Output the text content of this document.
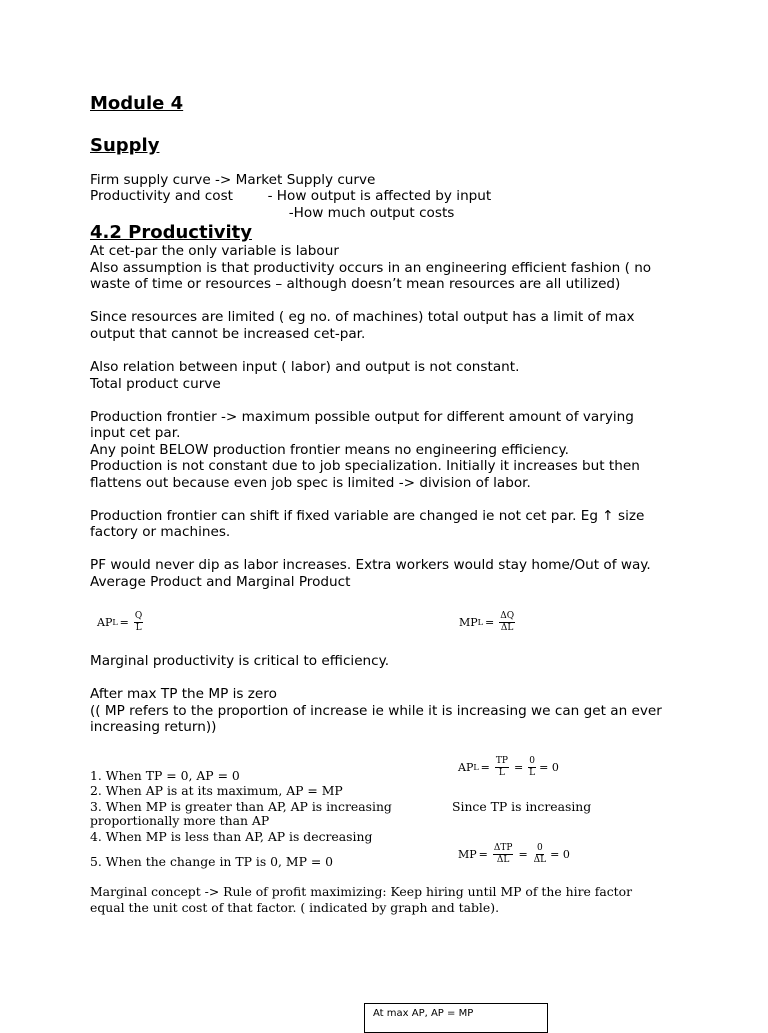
Module 4
Supply
Firm supply curve -> Market Supply curve
Productivity and cost        - How output is affected by input
-How much output costs
4.2 Productivity
At cet-par the only variable is labour
Also assumption is that productivity occurs in an engineering efficient fashion ( no
waste of time or resources – although doesn’t mean resources are all utilized)
Since resources are limited ( eg no. of machines) total output has a limit of max
output that cannot be increased cet-par.
Also relation between input ( labor) and output is not constant.
Total product curve
Production frontier -> maximum possible output for different amount of varying
input cet par.
Any point BELOW production frontier means no engineering efficiency.
Production is not constant due to job specialization. Initially it increases but then
flattens out because even job spec is limited -> division of labor.
Production frontier can shift if fixed variable are changed ie not cet par. Eg ↑ size
factory or machines.
PF would never dip as labor increases. Extra workers would stay home/Out of way.
Average Product and Marginal Product
AP $L = \frac{Q}{L}$	MP $L = \frac{\Delta Q}{\Delta L}$
Marginal productivity is critical to efficiency.
After max TP the MP is zero
(( MP refers to the proportion of increase ie while it is increasing we can get an ever
increasing return))
AP $L = \frac{TP}{L} = \frac{0}{L} = 0$
1. When TP = 0, AP = 0
2. When AP is at its maximum, AP = MP
3. When MP is greater than AP, AP is increasing
proportionally more than AP
4. When MP is less than AP, AP is decreasing
5. When the change in TP is 0, MP = 0
Since TP is increasing
MP = $\frac{\text{ΔTP}}{\Delta L} = \frac{0}{\Delta L} = 0$
Marginal concept -> Rule of profit maximizing: Keep hiring until MP of the hire factor
equal the unit cost of that factor. ( indicated by graph and table).
At max AP, AP = MP
